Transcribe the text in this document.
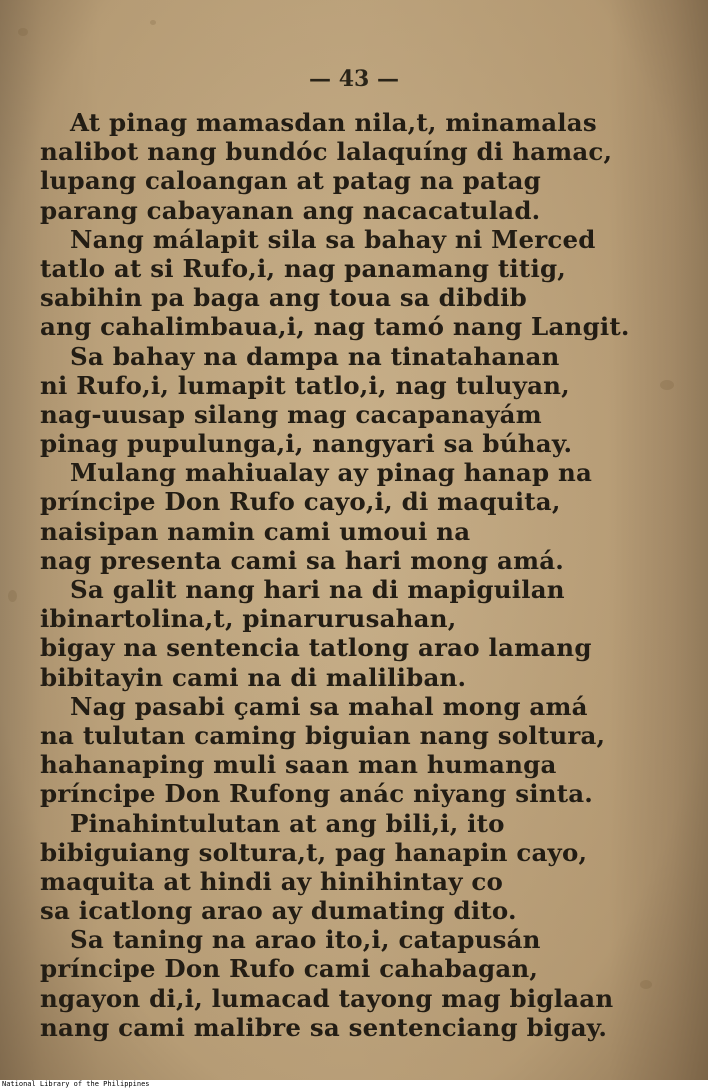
— 43 —
At pinag mamasdan nila,t, minamalas
nalibot nang bundóc lalaquíng di hamac,
lupang caloangan at patag na patag
parang cabayanan ang nacacatulad.
Nang málapit sila sa bahay ni Merced
tatlo at si Rufo,i, nag panamang titig,
sabihin pa baga ang toua sa dibdib
ang cahalimbaua,i, nag tamó nang Langit.
Sa bahay na dampa na tinatahanan
ni Rufo,i, lumapit tatlo,i, nag tuluyan,
nag-uusap silang mag cacapanayám
pinag pupulunga,i, nangyari sa búhay.
Mulang mahiualay ay pinag hanap na
príncipe Don Rufo cayo,i, di maquita,
naisipan namin cami umoui na
nag presenta cami sa hari mong amá.
Sa galit nang hari na di mapiguilan
ibinartolina,t, pinarurusahan,
bigay na sentencia tatlong arao lamang
bibitayin cami na di maliliban.
Nag pasabi çami sa mahal mong amá
na tulutan caming biguian nang soltura,
hahanaping muli saan man humanga
príncipe Don Rufong anác niyang sinta.
Pinahintulutan at ang bili,i, ito
bibiguiang soltura,t, pag hanapin cayo,
maquita at hindi ay hinihintay co
sa icatlong arao ay dumating dito.
Sa taning na arao ito,i, catapusán
príncipe Don Rufo cami cahabagan,
ngayon di,i, lumacad tayong mag biglaan
nang cami malibre sa sentenciang bigay.
National Library of the Philippines
